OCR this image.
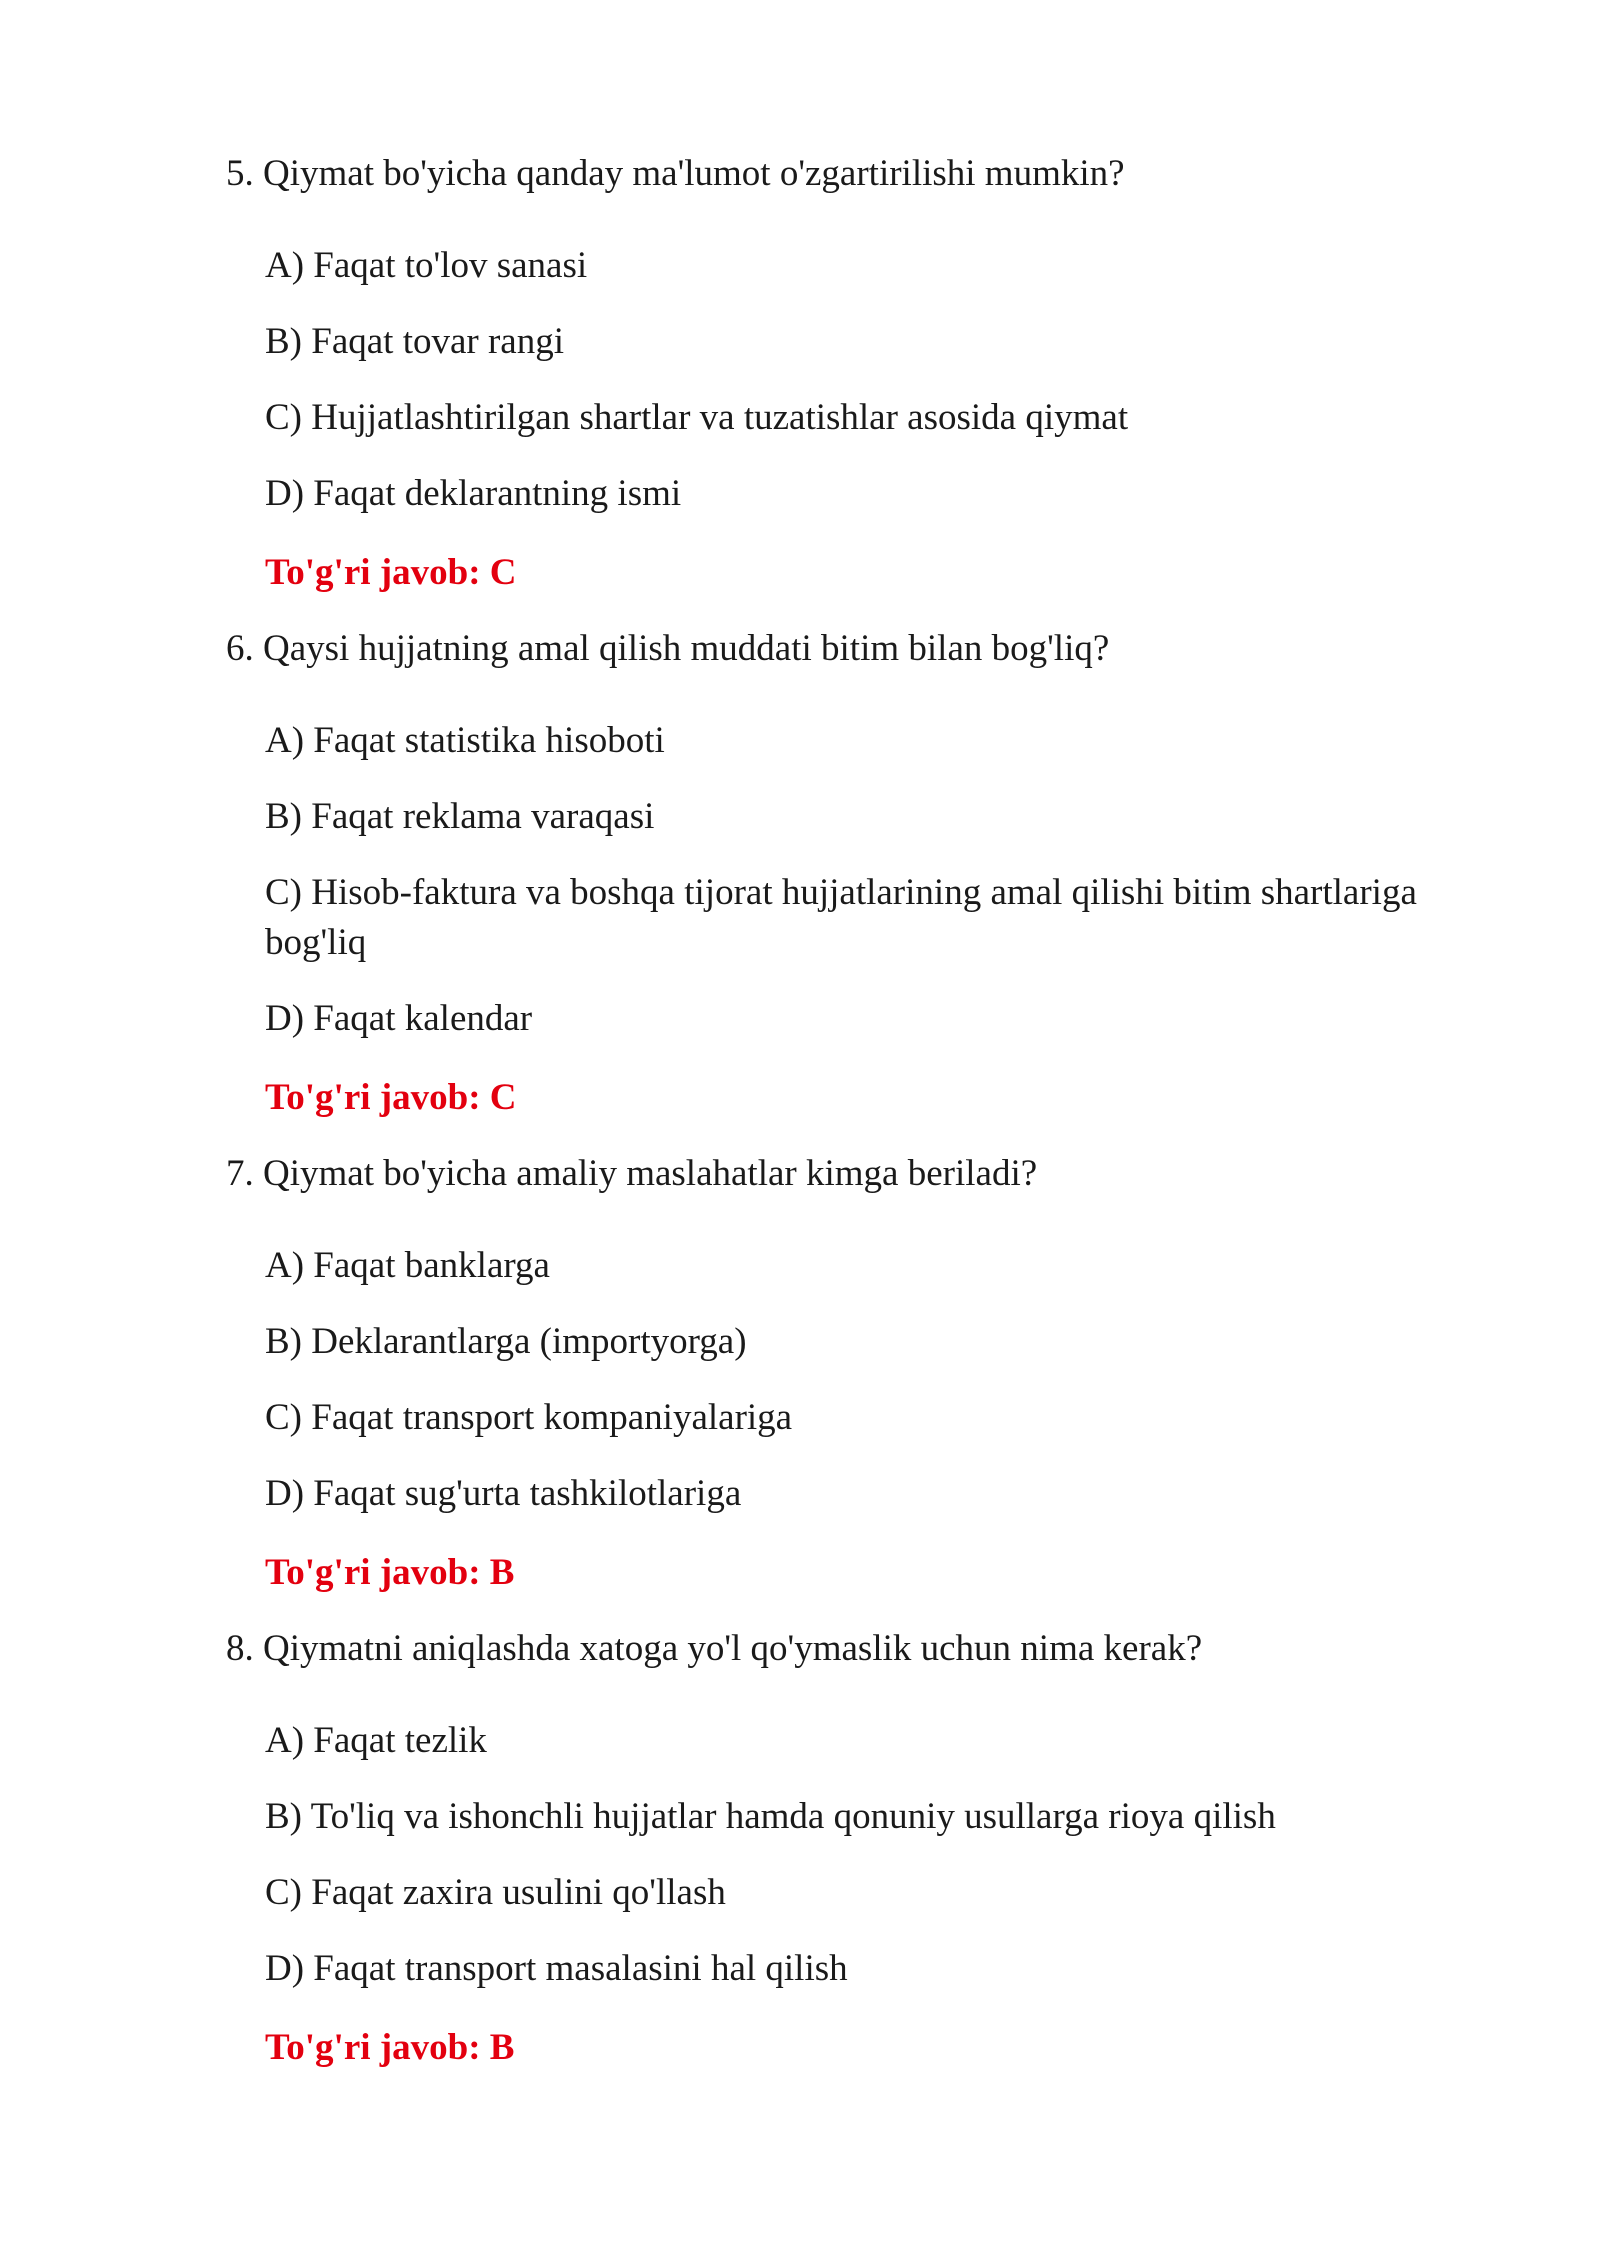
5. Qiymat bo'yicha qanday ma'lumot o'zgartirilishi mumkin?
A) Faqat to'lov sanasi
B) Faqat tovar rangi
C) Hujjatlashtirilgan shartlar va tuzatishlar asosida qiymat
D) Faqat deklarantning ismi
To'g'ri javob: C
6. Qaysi hujjatning amal qilish muddati bitim bilan bog'liq?
A) Faqat statistika hisoboti
B) Faqat reklama varaqasi
C) Hisob-faktura va boshqa tijorat hujjatlarining amal qilishi bitim shartlariga bog'liq
D) Faqat kalendar
To'g'ri javob: C
7. Qiymat bo'yicha amaliy maslahatlar kimga beriladi?
A) Faqat banklarga
B) Deklarantlarga (importyorga)
C) Faqat transport kompaniyalariga
D) Faqat sug'urta tashkilotlariga
To'g'ri javob: B
8. Qiymatni aniqlashda xatoga yo'l qo'ymaslik uchun nima kerak?
A) Faqat tezlik
B) To'liq va ishonchli hujjatlar hamda qonuniy usullarga rioya qilish
C) Faqat zaxira usulini qo'llash
D) Faqat transport masalasini hal qilish
To'g'ri javob: B
